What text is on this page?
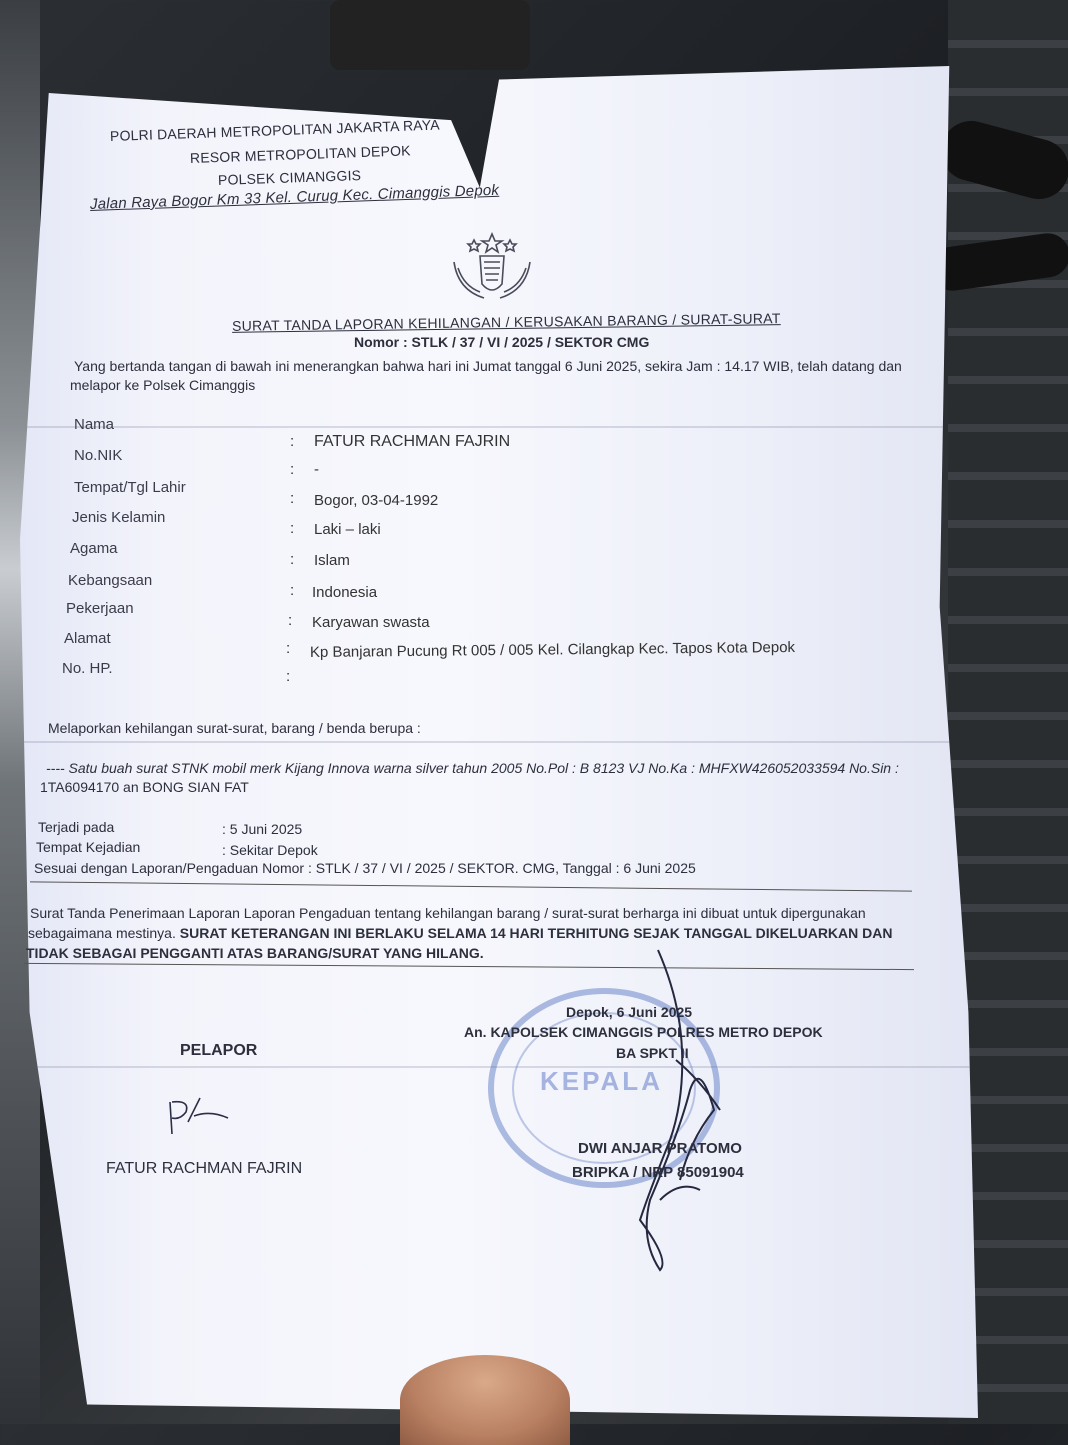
POLRI DAERAH METROPOLITAN JAKARTA RAYA
RESOR METROPOLITAN DEPOK
POLSEK CIMANGGIS
Jalan Raya Bogor Km 33 Kel. Curug Kec. Cimanggis Depok
SURAT TANDA LAPORAN KEHILANGAN / KERUSAKAN BARANG / SURAT-SURAT
Nomor : STLK / 37 / VI / 2025 / SEKTOR CMG
Yang bertanda tangan di bawah ini menerangkan bahwa hari ini Jumat tanggal 6 Juni 2025, sekira Jam : 14.17 WIB, telah datang dan
melapor ke Polsek Cimanggis
Nama
No.NIK
: FATUR RACHMAN FAJRIN
Tempat/Tgl Lahir
: -
Jenis Kelamin
: Bogor, 03-04-1992
Agama
: Laki – laki
Kebangsaan
: Islam
Pekerjaan
: Indonesia
Alamat
: Karyawan swasta
No. HP.
: Kp Banjaran Pucung Rt 005 / 005 Kel. Cilangkap Kec. Tapos Kota Depok
:
Melaporkan kehilangan surat-surat, barang / benda berupa :
---- Satu buah surat STNK mobil merk Kijang Innova warna silver tahun 2005 No.Pol : B 8123 VJ No.Ka : MHFXW426052033594 No.Sin :
1TA6094170 an BONG SIAN FAT
Terjadi pada	: 5 Juni 2025
Tempat Kejadian	: Sekitar Depok
Sesuai dengan Laporan/Pengaduan Nomor : STLK / 37 / VI / 2025 / SEKTOR. CMG, Tanggal : 6 Juni 2025
Surat Tanda Penerimaan Laporan Laporan Pengaduan tentang kehilangan barang / surat-surat berharga ini dibuat untuk dipergunakan
sebagaimana mestinya. SURAT KETERANGAN INI BERLAKU SELAMA 14 HARI TERHITUNG SEJAK TANGGAL DIKELUARKAN DAN
TIDAK SEBAGAI PENGGANTI ATAS BARANG/SURAT YANG HILANG.
KEPALA
Depok, 6 Juni 2025
An. KAPOLSEK CIMANGGIS POLRES METRO DEPOK
BA SPKT II
PELAPOR
FATUR RACHMAN FAJRIN
DWI ANJAR PRATOMO
BRIPKA / NRP 85091904
